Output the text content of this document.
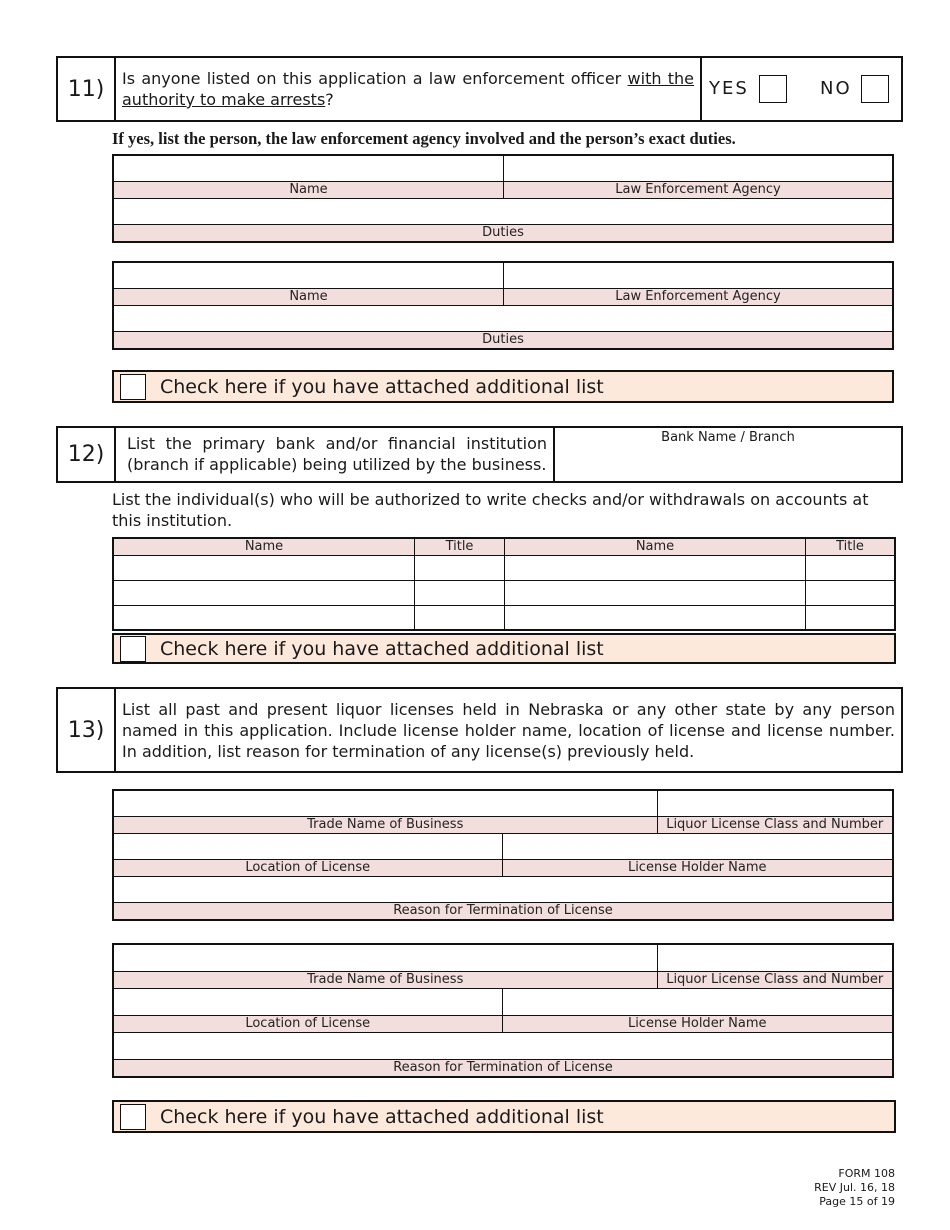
11)	Is anyone listed on this application a law enforcement officer with the authority to make arrests?
YES	NO
If yes, list the person, the law enforcement agency involved and the person’s exact duties.

Name	Law Enforcement Agency

Duties	

Name	Law Enforcement Agency

Duties	
Check here if you have attached additional list
12)	List the primary bank and/or financial institution (branch if applicable) being utilized by the business.
Bank Name / Branch
List the individual(s) who will be authorized to write checks and/or withdrawals on accounts at this institution.
Name	Title	Name	Title

Check here if you have attached additional list
13)
List all past and present liquor licenses held in Nebraska or any other state by any person named in this application. Include license holder name, location of license and license number. In addition, list reason for termination of any license(s) previously held.

Trade Name of Business		Liquor License Class and Number

Location of License	License Holder Name	

Reason for Termination of License		

Trade Name of Business		Liquor License Class and Number

Location of License	License Holder Name	

Reason for Termination of License		
Check here if you have attached additional list
FORM 108
REV Jul. 16, 18
Page 15 of 19
